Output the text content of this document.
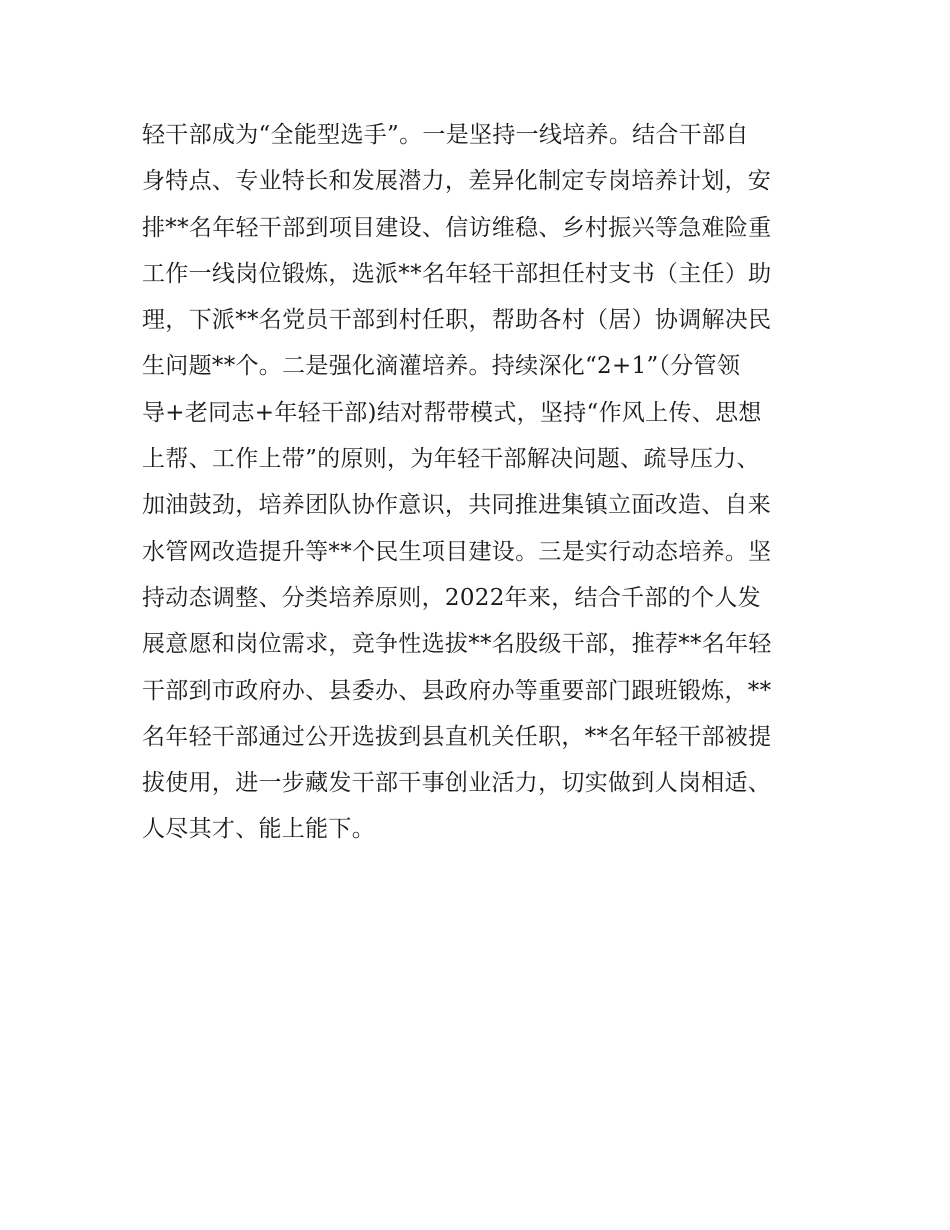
轻干部成为“全能型选手”。一是坚持一线培养。结合干部自
身特点、专业特长和发展潜力，差异化制定专岗培养计划，安
排**名年轻干部到项目建设、信访维稳、乡村振兴等急难险重
工作一线岗位锻炼，选派**名年轻干部担任村支书（主任）助
理，下派**名党员干部到村任职，帮助各村（居）协调解决民
生问题**个。二是强化滴灌培养。持续深化“2+1”（分管领
导+老同志+年轻干部)结对帮带模式，坚持“作风上传、思想
上帮、工作上带”的原则，为年轻干部解决问题、疏导压力、
加油鼓劲，培养团队协作意识，共同推进集镇立面改造、自来
水管网改造提升等**个民生项目建设。三是实行动态培养。坚
持动态调整、分类培养原则，2022年来，结合千部的个人发
展意愿和岗位需求，竞争性选拔**名股级干部，推荐**名年轻
干部到市政府办、县委办、县政府办等重要部门跟班锻炼，**
名年轻干部通过公开选拔到县直机关任职，**名年轻干部被提
拔使用，进一步藏发干部干事创业活力，切实做到人岗相适、
人尽其才、能上能下。
